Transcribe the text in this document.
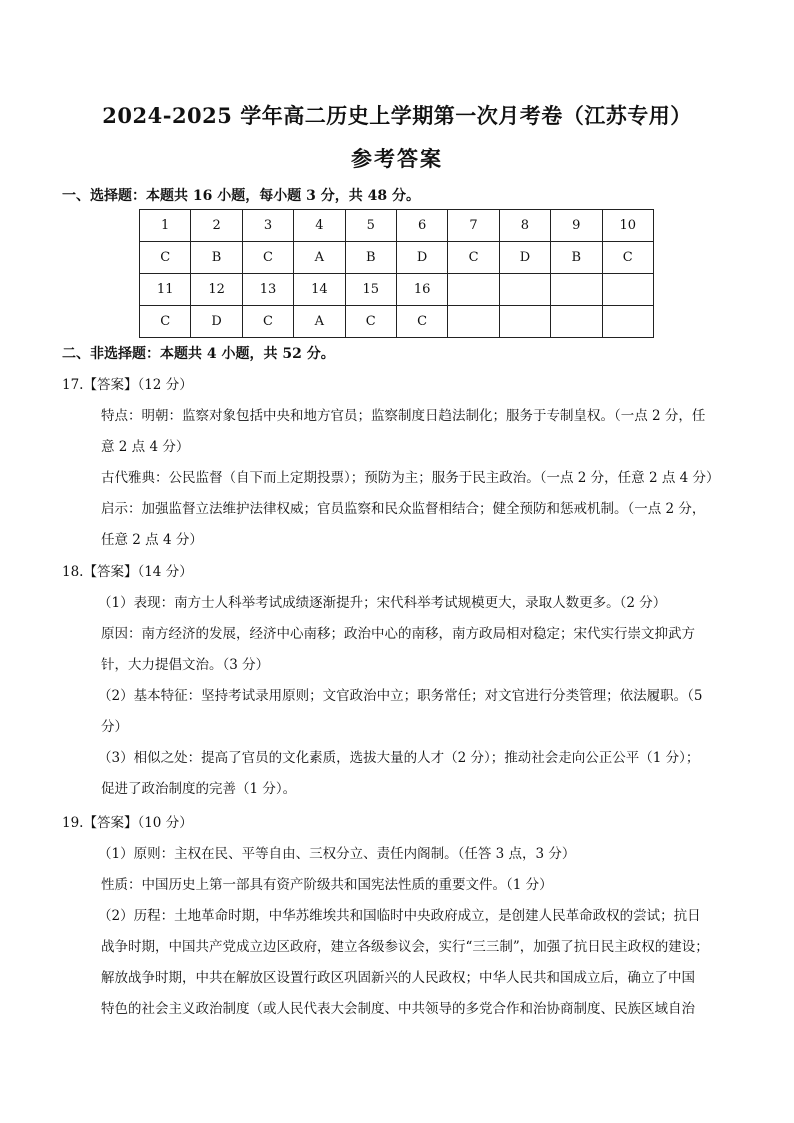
2024-2025 学年高二历史上学期第一次月考卷（江苏专用）
参考答案
一、选择题：本题共 16 小题，每小题 3 分，共 48 分。
1	2	3	4	5	6	7	8	9	10
C	B	C	A	B	D	C	D	B	C
11	12	13	14	15	16				
C	D	C	A	C	C				
二、非选择题：本题共 4 小题，共 52 分。
17.【答案】（12 分）
特点：明朝：监察对象包括中央和地方官员；监察制度日趋法制化；服务于专制皇权。（一点 2 分，任
意 2 点 4 分）
古代雅典：公民监督（自下而上定期投票）；预防为主；服务于民主政治。（一点 2 分，任意 2 点 4 分）
启示：加强监督立法维护法律权威；官员监察和民众监督相结合；健全预防和惩戒机制。（一点 2 分，
任意 2 点 4 分）
18.【答案】（14 分）
（1）表现：南方士人科举考试成绩逐渐提升；宋代科举考试规模更大，录取人数更多。（2 分）
原因：南方经济的发展，经济中心南移；政治中心的南移，南方政局相对稳定；宋代实行崇文抑武方
针，大力提倡文治。（3 分）
（2）基本特征：坚持考试录用原则；文官政治中立；职务常任；对文官进行分类管理；依法履职。（5
分）
（3）相似之处：提高了官员的文化素质，选拔大量的人才（2 分）；推动社会走向公正公平（1 分）；
促进了政治制度的完善（1 分）。
19.【答案】（10 分）
（1）原则：主权在民、平等自由、三权分立、责任内阁制。（任答 3 点，3 分）
性质：中国历史上第一部具有资产阶级共和国宪法性质的重要文件。（1 分）
（2）历程：土地革命时期，中华苏维埃共和国临时中央政府成立，是创建人民革命政权的尝试；抗日
战争时期，中国共产党成立边区政府，建立各级参议会，实行“三三制”，加强了抗日民主政权的建设；
解放战争时期，中共在解放区设置行政区巩固新兴的人民政权；中华人民共和国成立后，确立了中国
特色的社会主义政治制度（或人民代表大会制度、中共领导的多党合作和治协商制度、民族区域自治
